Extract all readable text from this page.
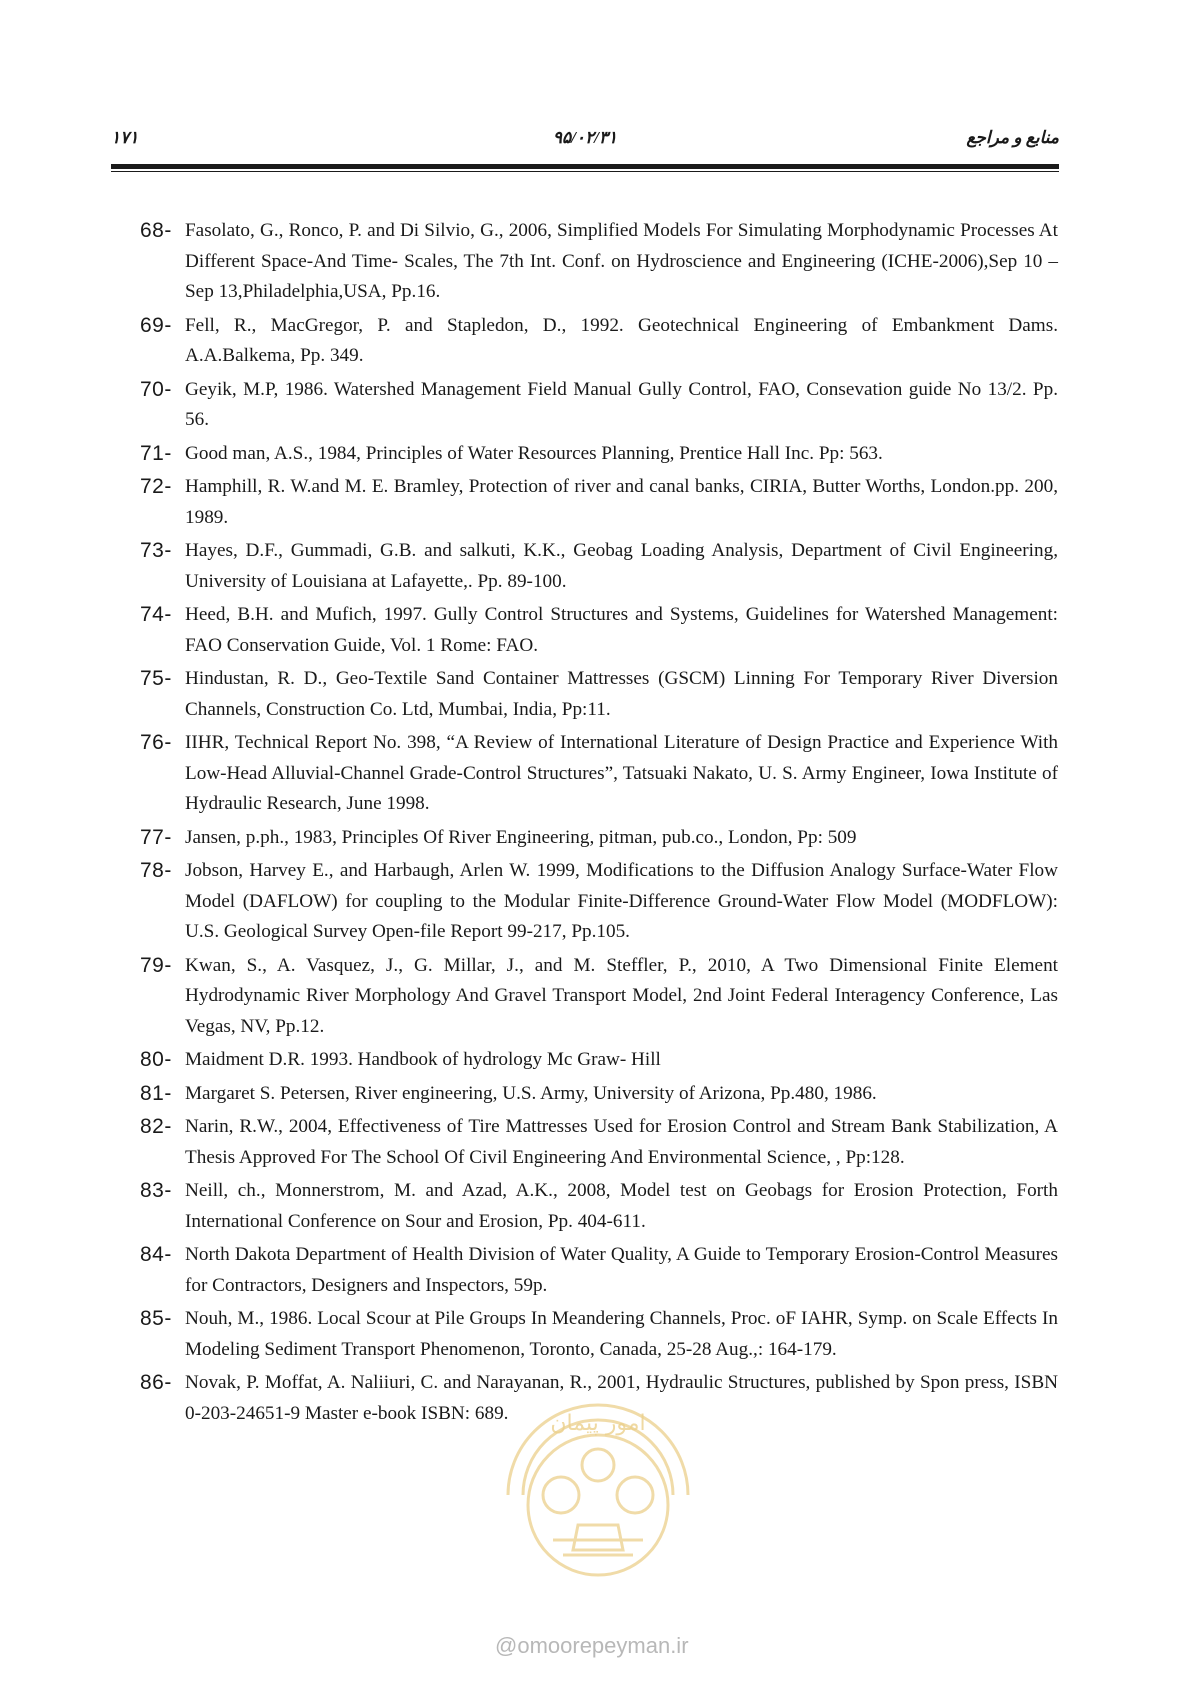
منابع و مراجع
۹۵/۰۲/۳۱
۱۷۱
68- Fasolato, G., Ronco, P. and Di Silvio, G., 2006, Simplified Models For Simulating Morphodynamic Processes At Different Space-And Time- Scales, The 7th Int. Conf. on Hydroscience and Engineering (ICHE-2006),Sep 10 –Sep 13,Philadelphia,USA, Pp.16.
69- Fell, R., MacGregor, P. and Stapledon, D., 1992. Geotechnical Engineering of Embankment Dams. A.A.Balkema, Pp. 349.
70- Geyik, M.P, 1986. Watershed Management Field Manual Gully Control, FAO, Consevation guide No 13/2. Pp. 56.
71- Good man, A.S., 1984, Principles of Water Resources Planning, Prentice Hall Inc. Pp: 563.
72- Hamphill, R. W.and M. E. Bramley, Protection of river and canal banks, CIRIA, Butter Worths, London.pp. 200, 1989.
73- Hayes, D.F., Gummadi, G.B. and salkuti, K.K., Geobag Loading Analysis, Department of Civil Engineering, University of Louisiana at Lafayette,. Pp. 89-100.
74- Heed, B.H. and Mufich, 1997. Gully Control Structures and Systems, Guidelines for Watershed Management: FAO Conservation Guide, Vol. 1 Rome: FAO.
75- Hindustan, R. D., Geo-Textile Sand Container Mattresses (GSCM) Linning For Temporary River Diversion Channels, Construction Co. Ltd, Mumbai, India, Pp:11.
76- IIHR, Technical Report No. 398, “A Review of International Literature of Design Practice and Experience With Low-Head Alluvial-Channel Grade-Control Structures”, Tatsuaki Nakato, U. S. Army Engineer, Iowa Institute of Hydraulic Research, June 1998.
77- Jansen, p.ph., 1983, Principles Of River Engineering, pitman, pub.co., London, Pp: 509
78- Jobson, Harvey E., and Harbaugh, Arlen W. 1999, Modifications to the Diffusion Analogy Surface-Water Flow Model (DAFLOW) for coupling to the Modular Finite-Difference Ground-Water Flow Model (MODFLOW): U.S. Geological Survey Open-file Report 99-217, Pp.105.
79- Kwan, S., A. Vasquez, J., G. Millar, J., and M. Steffler, P., 2010, A Two Dimensional Finite Element Hydrodynamic River Morphology And Gravel Transport Model, 2nd Joint Federal Interagency Conference, Las Vegas, NV, Pp.12.
80- Maidment D.R. 1993. Handbook of hydrology Mc Graw- Hill
81- Margaret S. Petersen, River engineering, U.S. Army, University of Arizona, Pp.480, 1986.
82- Narin, R.W., 2004, Effectiveness of Tire Mattresses Used for Erosion Control and Stream Bank Stabilization, A Thesis Approved For The School Of Civil Engineering And Environmental Science, , Pp:128.
83- Neill, ch., Monnerstrom, M. and Azad, A.K., 2008, Model test on Geobags for Erosion Protection, Forth International Conference on Sour and Erosion, Pp. 404-611.
84- North Dakota Department of Health Division of Water Quality, A Guide to Temporary Erosion-Control Measures for Contractors, Designers and Inspectors, 59p.
85- Nouh, M., 1986. Local Scour at Pile Groups In Meandering Channels, Proc. oF IAHR, Symp. on Scale Effects In Modeling Sediment Transport Phenomenon, Toronto, Canada, 25-28 Aug.,: 164-179.
86- Novak, P. Moffat, A. Naliiuri, C. and Narayanan, R., 2001, Hydraulic Structures, published by Spon press, ISBN 0-203-24651-9 Master e-book ISBN: 689.	امور پیمان
@omoorepeyman.ir
